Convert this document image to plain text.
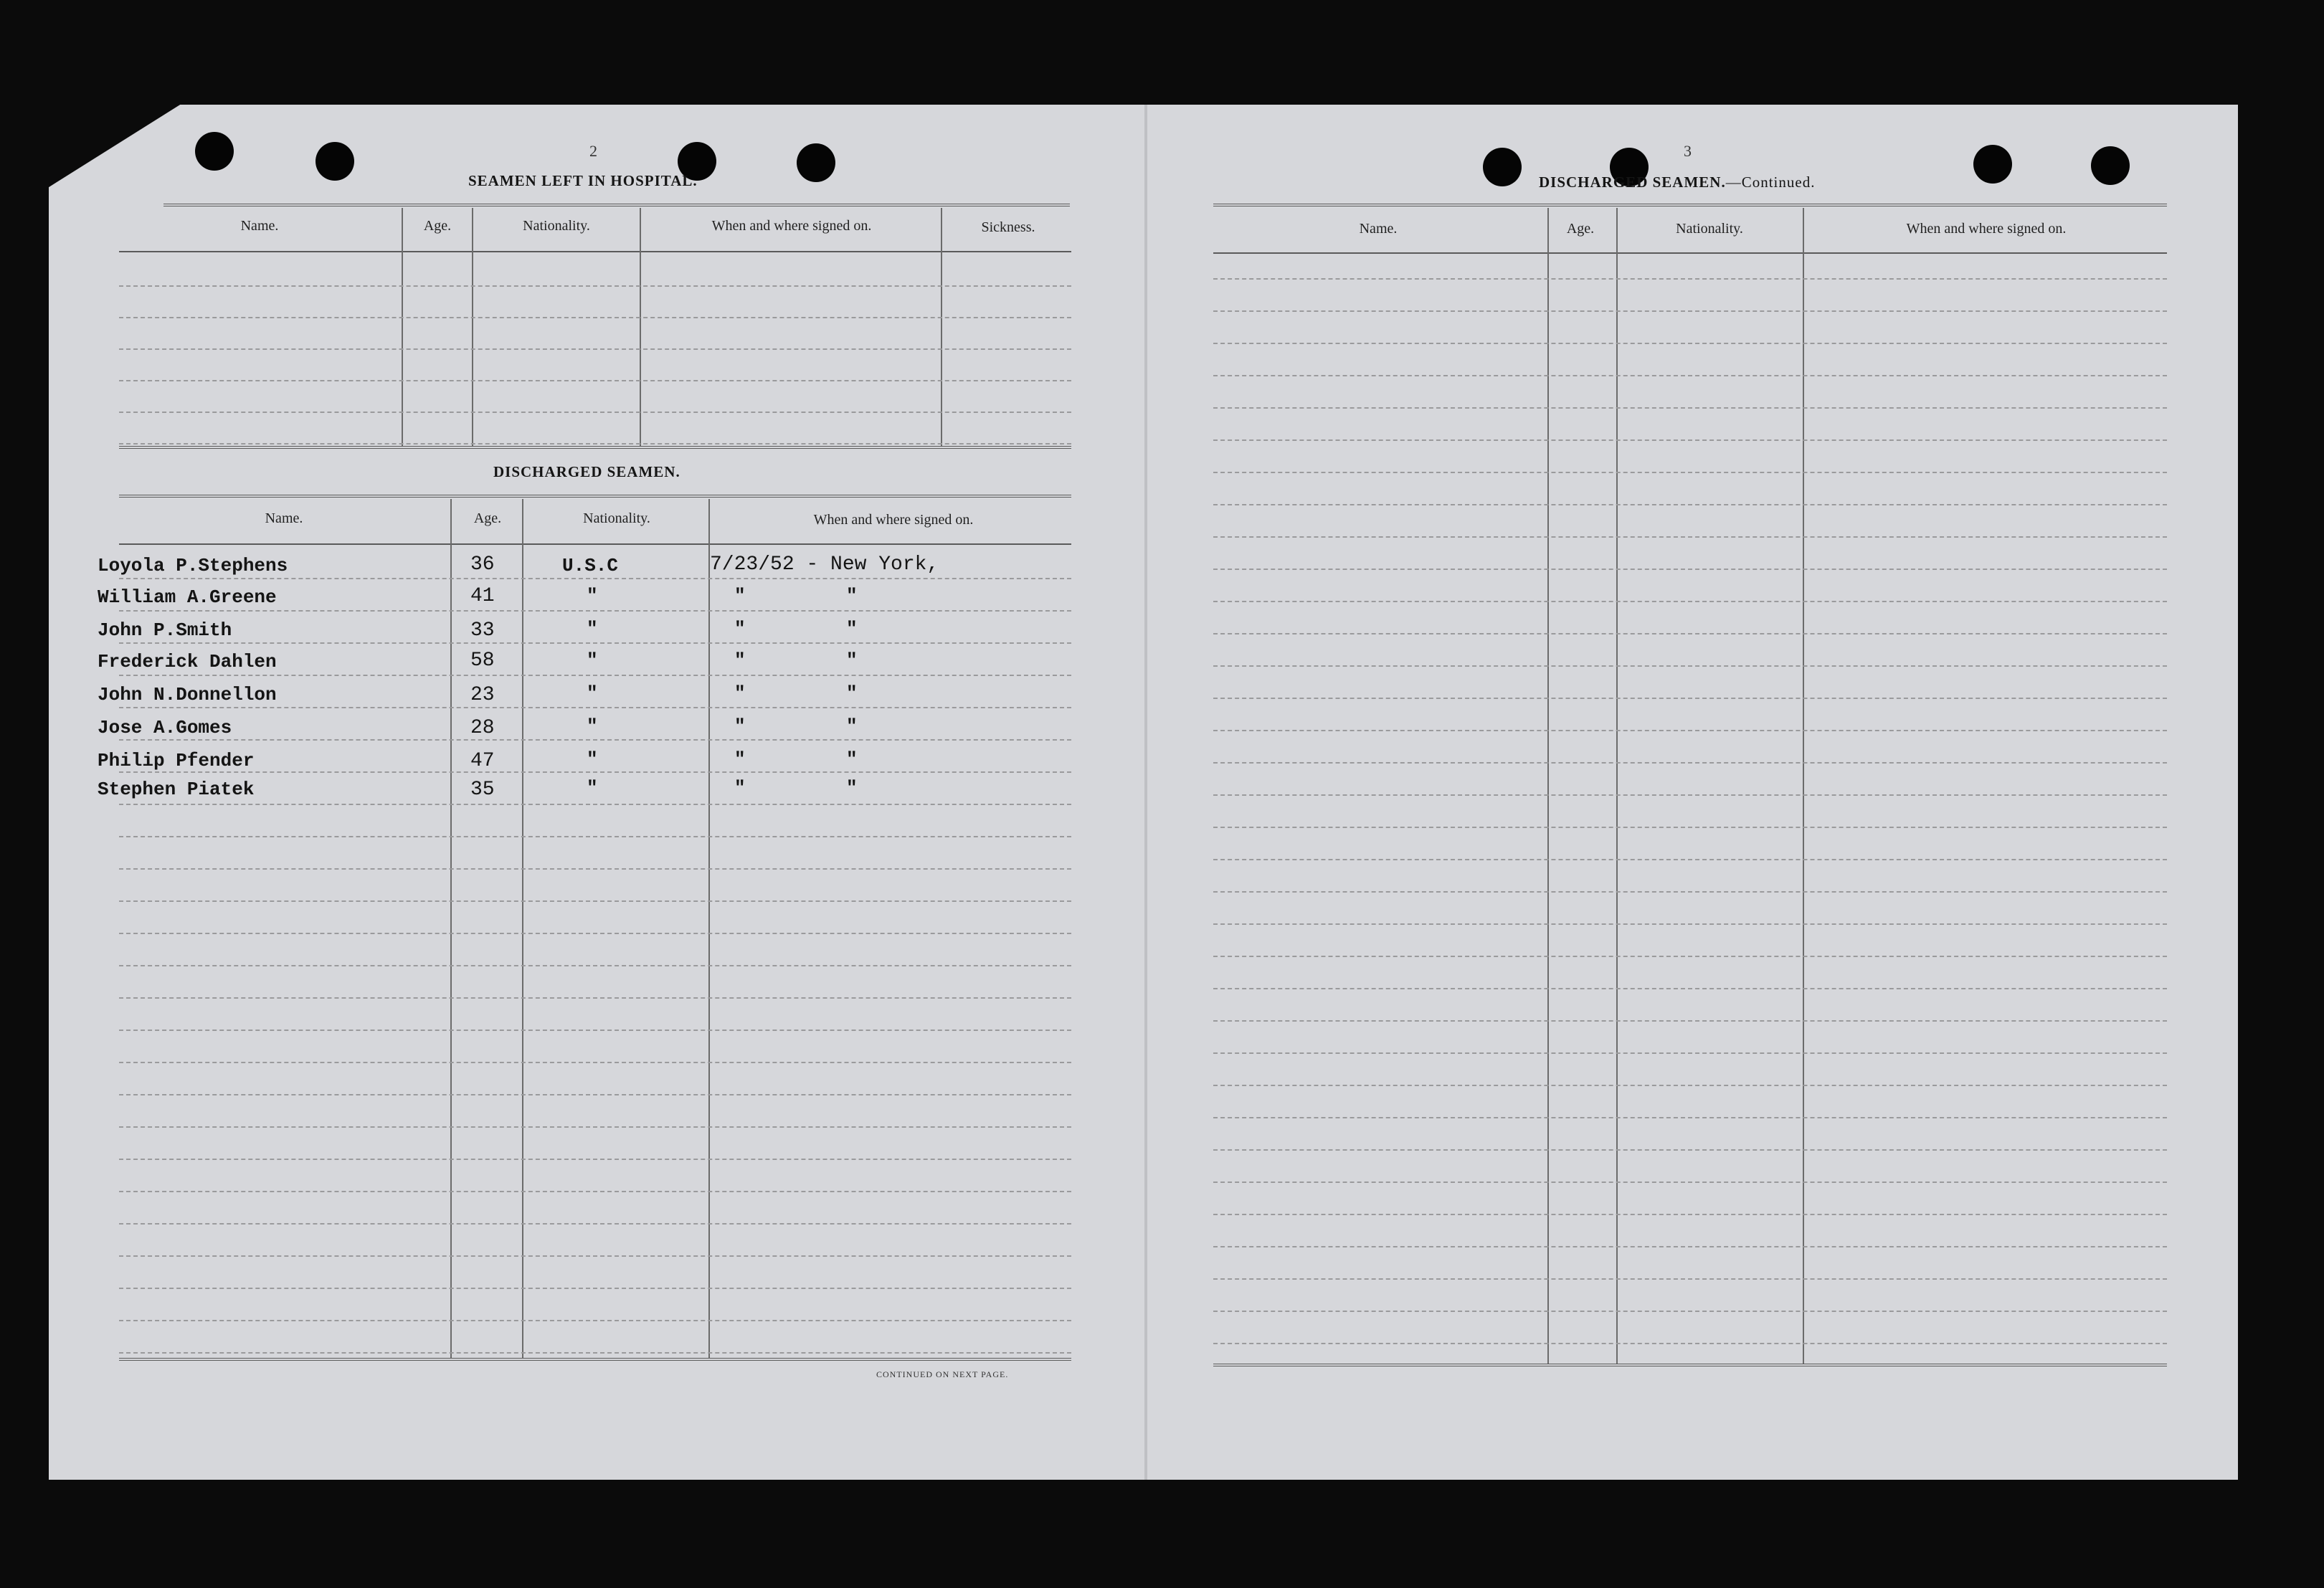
2
SEAMEN LEFT IN HOSPITAL.
Name.	Age.	Nationality.	When and where signed on.	Sickness.
DISCHARGED SEAMEN.
Name.	Age.	Nationality.	When and where signed on.
Loyola P.Stephens	36	U.S.C	7/23/52 - New York,
William A.Greene	41	"	"	"
John P.Smith	33	"	"	"
Frederick Dahlen	58	"	"	"
John N.Donnellon	23	"	"	"
Jose A.Gomes	28	"	"	"
Philip Pfender	47	"	"	"
Stephen Piatek	35	"	"	"
CONTINUED ON NEXT PAGE.
3
DISCHARGED SEAMEN.—Continued.
Name.	Age.	Nationality.	When and where signed on.
